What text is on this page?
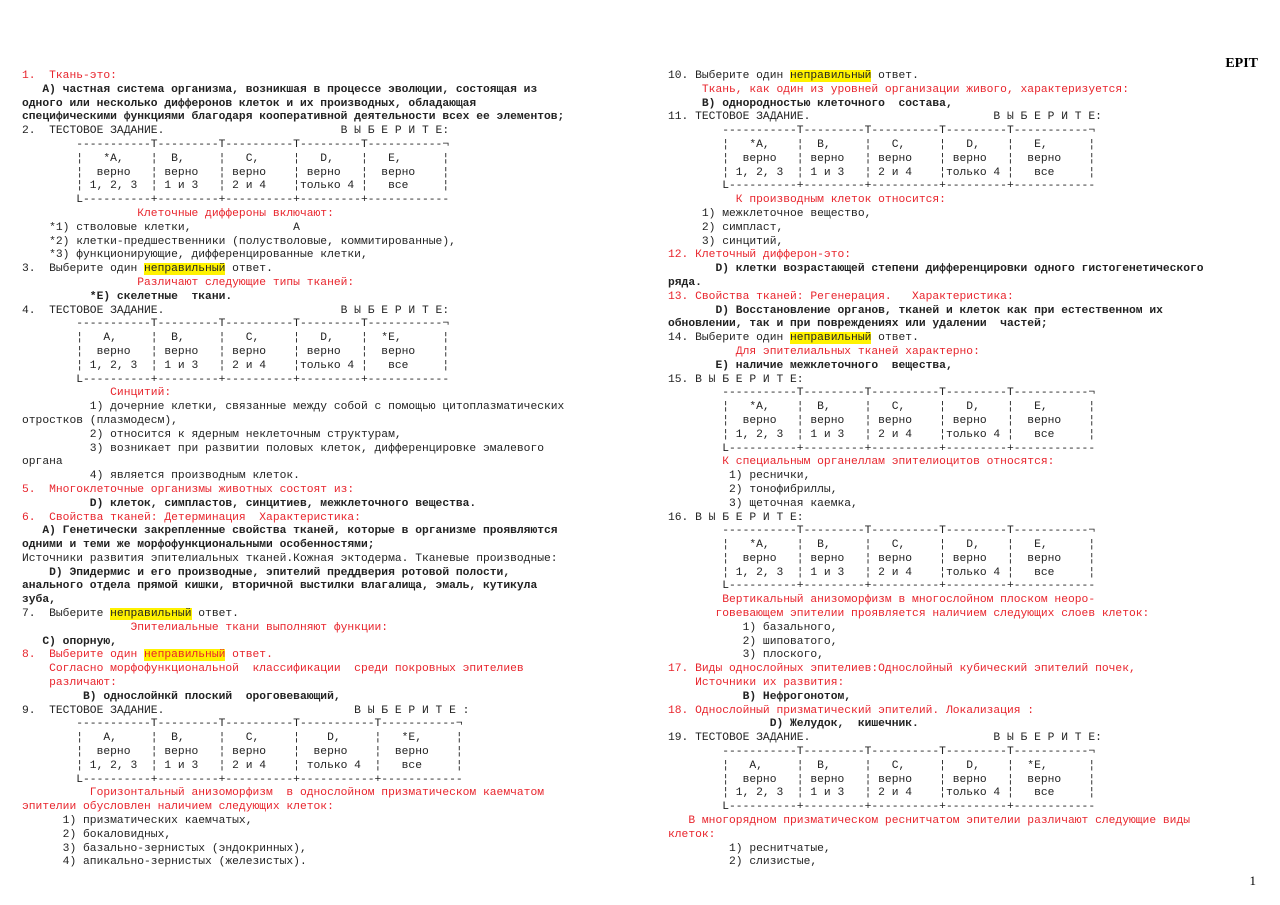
EPIT
1.  Ткань-это:
A) частная система организма, возникшая в процессе эволюции, состоящая из
одного или несколько дифферонов клеток и их производных, обладающая
специфическими функциями благодаря кооперативной деятельности всех ее элементов;
2.  ТЕСТОВОЕ ЗАДАНИЕ.                          В Ы Б Е Р И Т Е:
-----------T---------T----------T---------T-----------¬
¦   *А,    ¦  В,     ¦   С,     ¦   D,    ¦   Е,      ¦
¦  верно   ¦ верно   ¦ верно    ¦ верно   ¦  верно    ¦
¦ 1, 2, 3  ¦ 1 и 3   ¦ 2 и 4    ¦только 4 ¦   все     ¦
L----------+---------+----------+---------+------------
Клеточные дифферoны включают:
*1) стволовые клетки,               А
*2) клетки-предшественники (полустволовые, коммитированные),
*3) функционирующие, дифференцированные клетки,
3.  Выберите один неправильный ответ.
Различают следующие типы тканей:
*Е) скелетные  ткани.
4.  ТЕСТОВОЕ ЗАДАНИЕ.                          В Ы Б Е Р И Т Е:
-----------T---------T----------T---------T-----------¬
¦   А,     ¦  В,     ¦   С,     ¦   D,    ¦  *Е,      ¦
¦  верно   ¦ верно   ¦ верно    ¦ верно   ¦  верно    ¦
¦ 1, 2, 3  ¦ 1 и 3   ¦ 2 и 4    ¦только 4 ¦   все     ¦
L----------+---------+----------+---------+------------
Синцитий:
1) дочерние клетки, связанные между собой с помощью цитоплазматических
отростков (плазмодесм),
2) относится к ядерным неклеточным структурам,
3) возникает при развитии половых клеток, дифференцировке эмалевого
органа
4) является производным клеток.
5.  Многоклеточные организмы животных состоят из:
D) клеток, симпластов, синцитиев, межклеточного вещества.
6.  Свойства тканей: Детерминация  Характеристика:
A) Генетически закрепленные свойства тканей, которые в организме проявляются
одними и теми же морфофункциональными особенностями;
Источники развития эпителиальных тканей.Кожная эктодерма. Тканевые производные:
D) Эпидермис и его производные, эпителий преддверия ротовой полости,
анального отдела прямой кишки, вторичной выстилки влагалища, эмаль, кутикула
зуба,
7.  Выберите неправильный ответ.
Эпителиальные ткани выполняют функции:
С) опорную,
8.  Выберите один неправильный ответ.
Согласно морфофункциональной  классификации  среди покровных эпителиев
различают:
В) однослойнкй плоский  ороговевающий,
9.  ТЕСТОВОЕ ЗАДАНИЕ.                            В Ы Б Е Р И Т Е :
-----------T---------T----------T-----------T-----------¬
¦   А,     ¦  В,     ¦   С,     ¦    D,     ¦   *Е,     ¦
¦  верно   ¦ верно   ¦ верно    ¦  верно    ¦  верно    ¦
¦ 1, 2, 3  ¦ 1 и 3   ¦ 2 и 4    ¦ только 4  ¦   все     ¦
L----------+---------+----------+-----------+------------
Горизонтальный анизоморфизм  в однослойном призматическом каемчатом
эпителии обусловлен наличием следующих клеток:
1) призматических каемчатых,
2) бокаловидных,
3) базально-зернистых (эндокринных),
4) апикально-зернистых (железистых).
10. Выберите один неправильный ответ.
Ткань, как один из уровней организации живого, характеризуется:
B) однородностью клеточного  состава,
11. ТЕСТОВОЕ ЗАДАНИЕ.                           В Ы Б Е Р И Т Е:
-----------T---------T----------T---------T-----------¬
¦   *А,    ¦  В,     ¦   С,     ¦   D,    ¦   Е,      ¦
¦  верно   ¦ верно   ¦ верно    ¦ верно   ¦  верно    ¦
¦ 1, 2, 3  ¦ 1 и 3   ¦ 2 и 4    ¦только 4 ¦   все     ¦
L----------+---------+----------+---------+------------
К производным клеток относится:
1) межклеточное вещество,
2) симпласт,
3) синцитий,
12. Клеточный дифферон-это:
D) клетки возрастающей степени дифференцировки одного гистогенетического
ряда.
13. Свойства тканей: Регенерация.   Характеристика:
D) Восстановление органов, тканей и клеток как при естественном их
обновлении, так и при повреждениях или удалении  частей;
14. Выберите один неправильный ответ.
Для эпителиальных тканей характерно:
Е) наличие межклеточного  вещества,
15. В Ы Б Е Р И Т Е:
-----------T---------T----------T---------T-----------¬
¦   *А,    ¦  В,     ¦   С,     ¦   D,    ¦   Е,      ¦
¦  верно   ¦ верно   ¦ верно    ¦ верно   ¦  верно    ¦
¦ 1, 2, 3  ¦ 1 и 3   ¦ 2 и 4    ¦только 4 ¦   все     ¦
L----------+---------+----------+---------+------------
К специальным органеллам эпителиоцитов относятся:
1) реснички,
2) тонофибриллы,
3) щеточная каемка,
16. В Ы Б Е Р И Т Е:
-----------T---------T----------T---------T-----------¬
¦   *А,    ¦  В,     ¦   С,     ¦   D,    ¦   Е,      ¦
¦  верно   ¦ верно   ¦ верно    ¦ верно   ¦  верно    ¦
¦ 1, 2, 3  ¦ 1 и 3   ¦ 2 и 4    ¦только 4 ¦   все     ¦
L----------+---------+----------+---------+------------
Вертикальный анизоморфизм в многослойном плоском неоро-
говевающем эпителии проявляется наличием следующих слоев клеток:
1) базального,
2) шиповатого,
3) плоского,
17. Виды однослойных эпителиев:Однослойный кубический эпителий почек,
Источники их развития:
B) Нефрогонотом,
18. Однослойный призматический эпителий. Локализация :
D) Желудок,  кишечник.
19. ТЕСТОВОЕ ЗАДАНИЕ.                           В Ы Б Е Р И Т Е:
-----------T---------T----------T---------T-----------¬
¦   А,     ¦  В,     ¦   С,     ¦   D,    ¦  *Е,      ¦
¦  верно   ¦ верно   ¦ верно    ¦ верно   ¦  верно    ¦
¦ 1, 2, 3  ¦ 1 и 3   ¦ 2 и 4    ¦только 4 ¦   все     ¦
L----------+---------+----------+---------+------------
В многорядном призматическом реснитчатом эпителии различают следующие виды
клеток:
1) реснитчатые,
2) слизистые,
1
